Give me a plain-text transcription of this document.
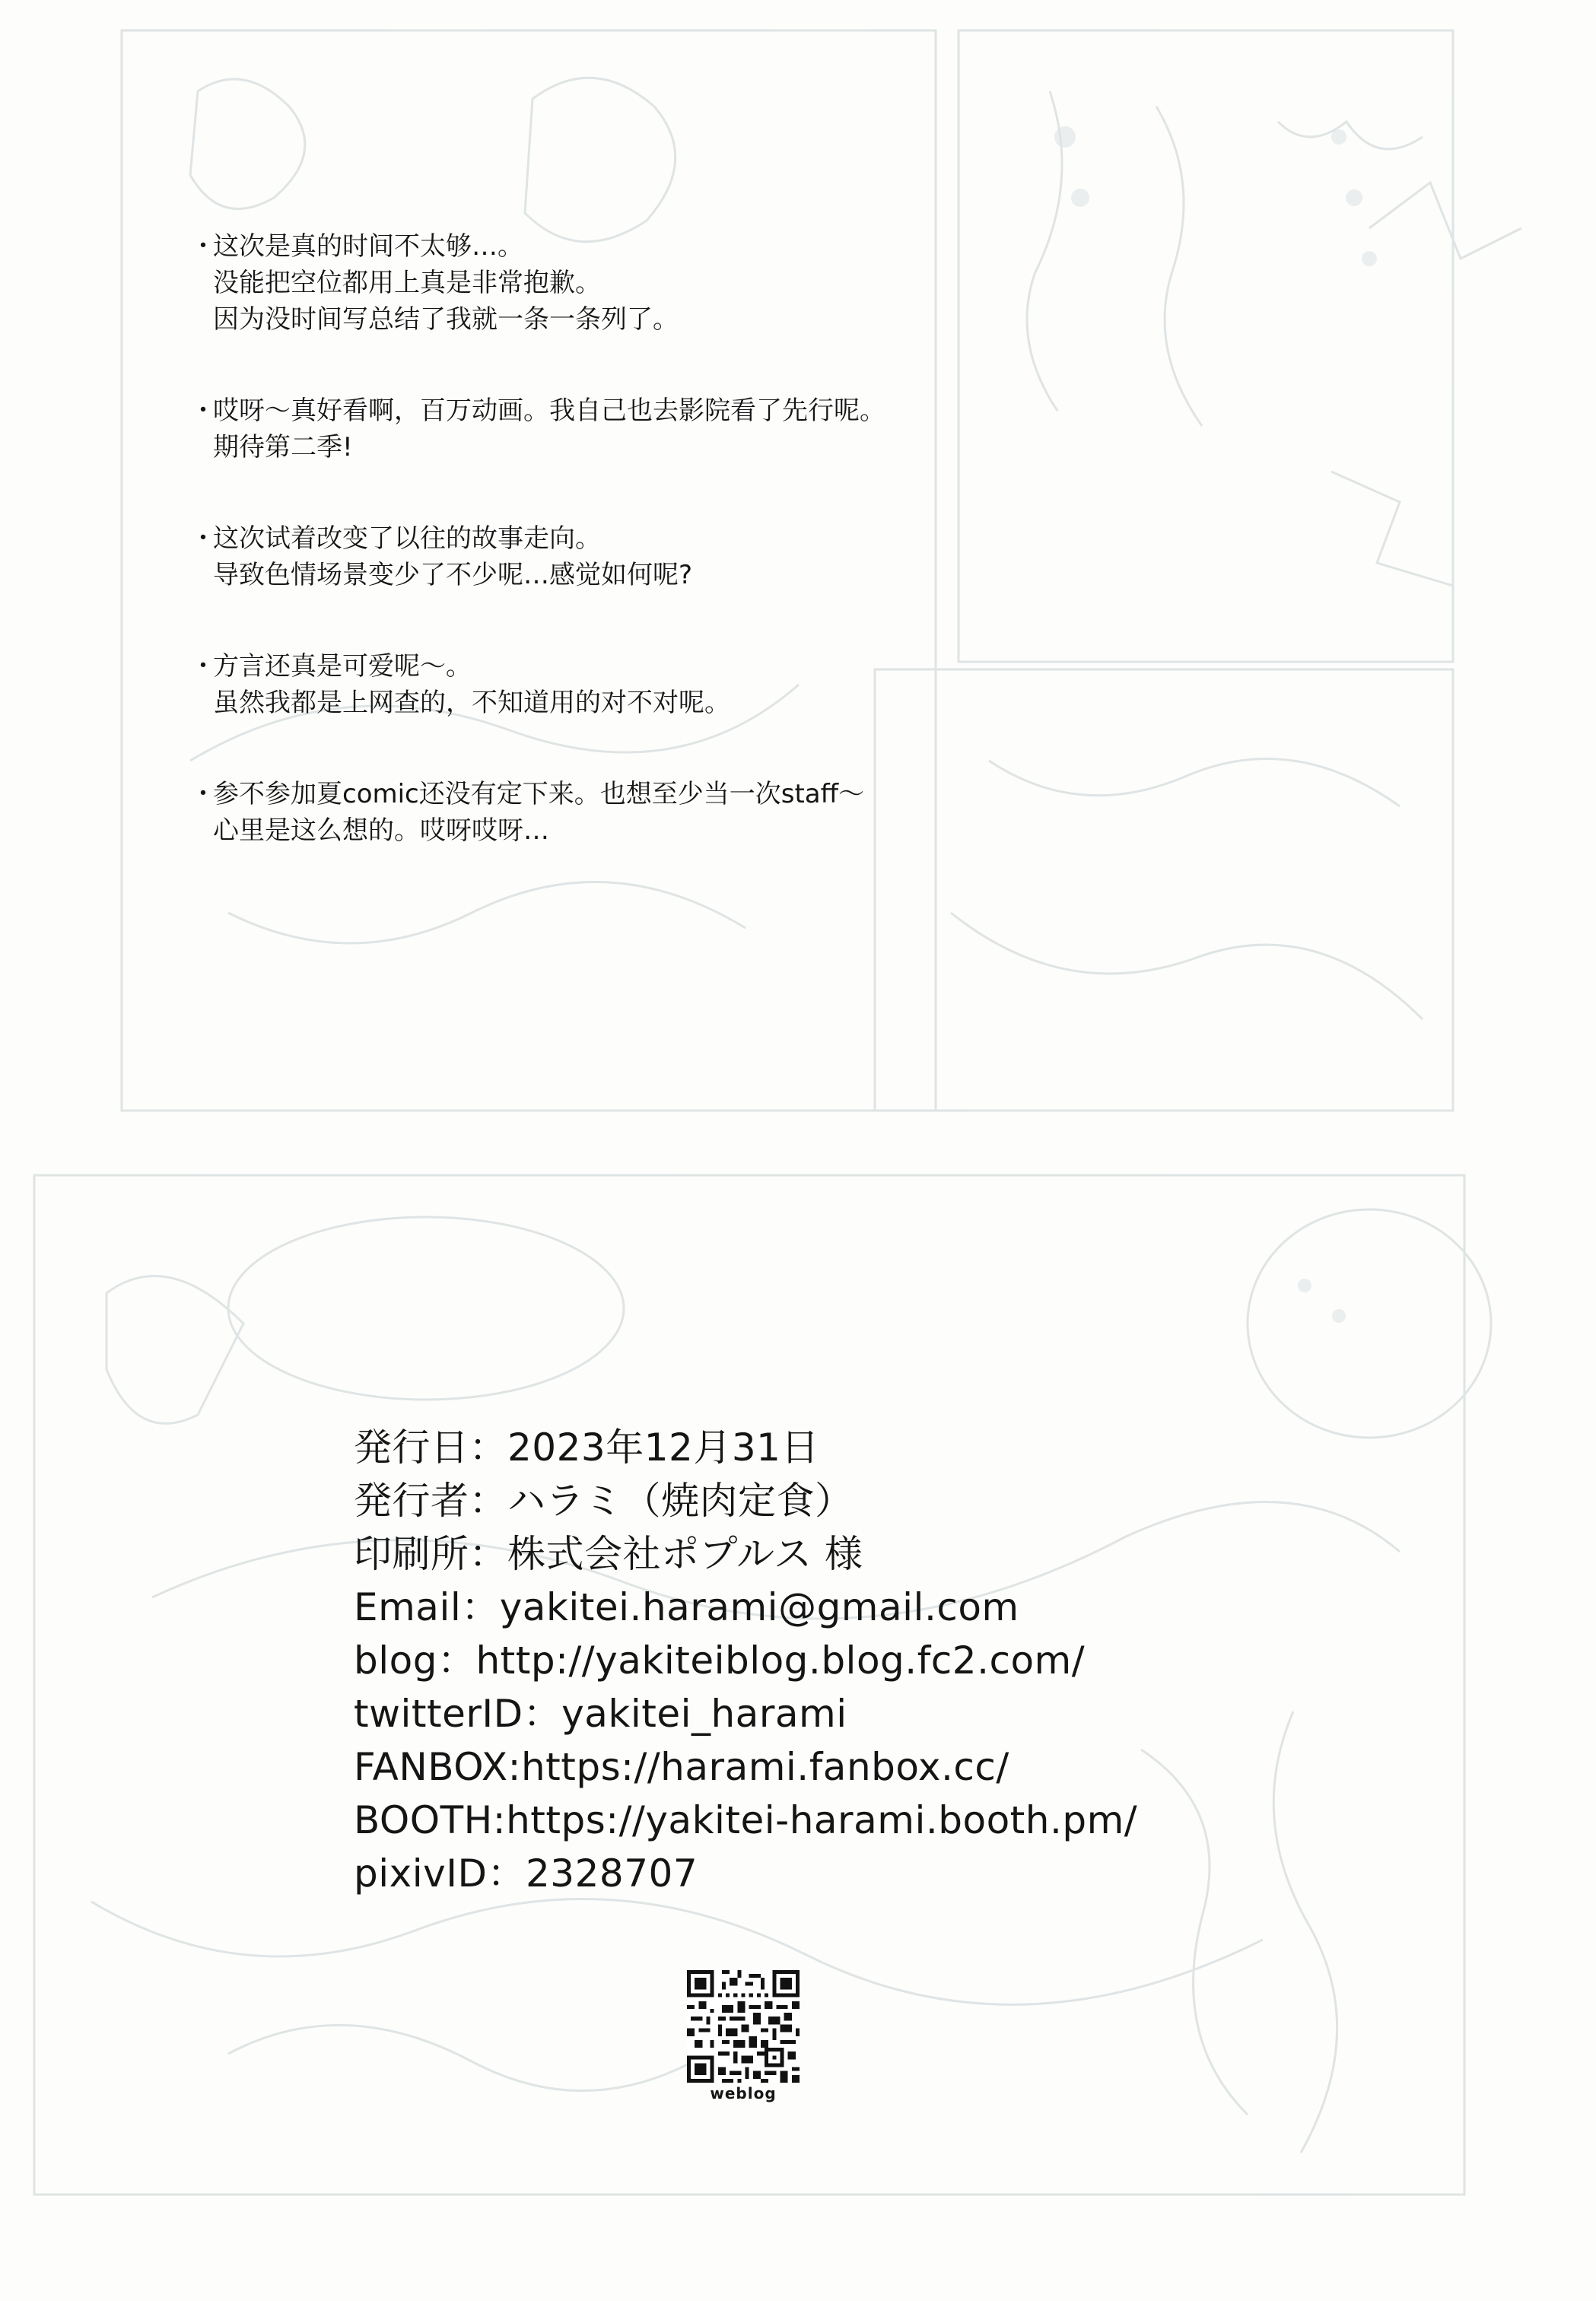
・这次是真的时间不太够…。
没能把空位都用上真是非常抱歉。
因为没时间写总结了我就一条一条列了。
・哎呀～真好看啊，百万动画。我自己也去影院看了先行呢。
期待第二季!
・这次试着改变了以往的故事走向。
导致色情场景变少了不少呢…感觉如何呢?
・方言还真是可爱呢～。
虽然我都是上网查的，不知道用的对不对呢。
・参不参加夏comic还没有定下来。也想至少当一次staff～
心里是这么想的。哎呀哎呀…
発行日：2023年12月31日
発行者：ハラミ（焼肉定食）
印刷所：株式会社ポプルス 様
Email：yakitei.harami@gmail.com
blog：http://yakiteiblog.blog.fc2.com/
twitterID：yakitei_harami
FANBOX:https://harami.fanbox.cc/
BOOTH:https://yakitei-harami.booth.pm/
pixivID：2328707
weblog
